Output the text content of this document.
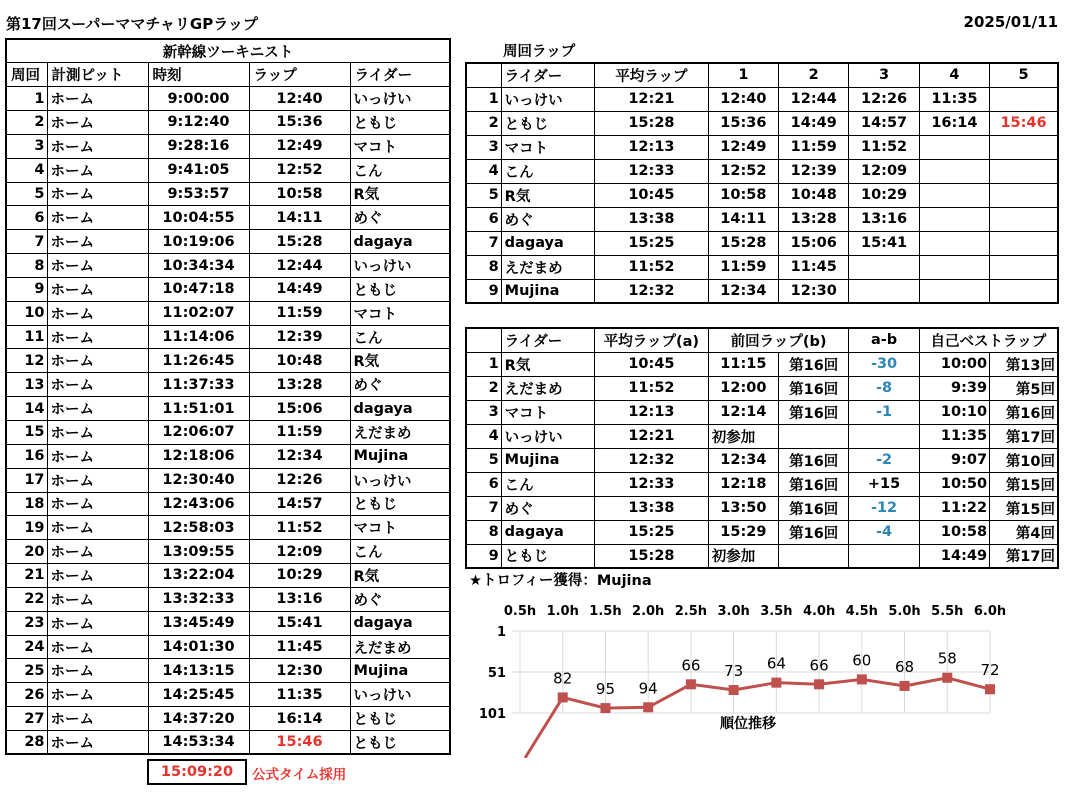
第17回スーパーママチャリGPラップ	2025/01/11
新幹線ツーキニスト				
周回	計測ピット	時刻	ラップ	ライダー
1	ホーム	9:00:00	12:40	いっけい
2	ホーム	9:12:40	15:36	ともじ
3	ホーム	9:28:16	12:49	マコト
4	ホーム	9:41:05	12:52	こん
5	ホーム	9:53:57	10:58	R気
6	ホーム	10:04:55	14:11	めぐ
7	ホーム	10:19:06	15:28	dagaya
8	ホーム	10:34:34	12:44	いっけい
9	ホーム	10:47:18	14:49	ともじ
10	ホーム	11:02:07	11:59	マコト
11	ホーム	11:14:06	12:39	こん
12	ホーム	11:26:45	10:48	R気
13	ホーム	11:37:33	13:28	めぐ
14	ホーム	11:51:01	15:06	dagaya
15	ホーム	12:06:07	11:59	えだまめ
16	ホーム	12:18:06	12:34	Mujina
17	ホーム	12:30:40	12:26	いっけい
18	ホーム	12:43:06	14:57	ともじ
19	ホーム	12:58:03	11:52	マコト
20	ホーム	13:09:55	12:09	こん
21	ホーム	13:22:04	10:29	R気
22	ホーム	13:32:33	13:16	めぐ
23	ホーム	13:45:49	15:41	dagaya
24	ホーム	14:01:30	11:45	えだまめ
25	ホーム	14:13:15	12:30	Mujina
26	ホーム	14:25:45	11:35	いっけい
27	ホーム	14:37:20	16:14	ともじ
28	ホーム	14:53:34	15:46	ともじ
15:09:20	公式タイム採用
周回ラップ
	ライダー	平均ラップ	1	2	3	4	5
1	いっけい	12:21	12:40	12:44	12:26	11:35	
2	ともじ	15:28	15:36	14:49	14:57	16:14	15:46
3	マコト	12:13	12:49	11:59	11:52		
4	こん	12:33	12:52	12:39	12:09		
5	R気	10:45	10:58	10:48	10:29		
6	めぐ	13:38	14:11	13:28	13:16		
7	dagaya	15:25	15:28	15:06	15:41		
8	えだまめ	11:52	11:59	11:45			
9	Mujina	12:32	12:34	12:30			
	ライダー	平均ラップ(a)	前回ラップ(b)		a-b	自己ベストラップ	
1	R気	10:45	11:15	第16回	-30	10:00	第13回
2	えだまめ	11:52	12:00	第16回	-8	9:39	第5回
3	マコト	12:13	12:14	第16回	-1	10:10	第16回
4	いっけい	12:21	初参加			11:35	第17回
5	Mujina	12:32	12:34	第16回	-2	9:07	第10回
6	こん	12:33	12:18	第16回	+15	10:50	第15回
7	めぐ	13:38	13:50	第16回	-12	11:22	第15回
8	dagaya	15:25	15:29	第16回	-4	10:58	第4回
9	ともじ	15:28	初参加			14:49	第17回
★トロフィー獲得：Mujina
0.5h 1.0h 1.5h 2.0h 2.5h 3.0h 3.5h 4.0h 4.5h 5.0h 5.5h 6.0h
1
51
101
82
95 94
66 73 64 66 60 68 58
72
順位推移
